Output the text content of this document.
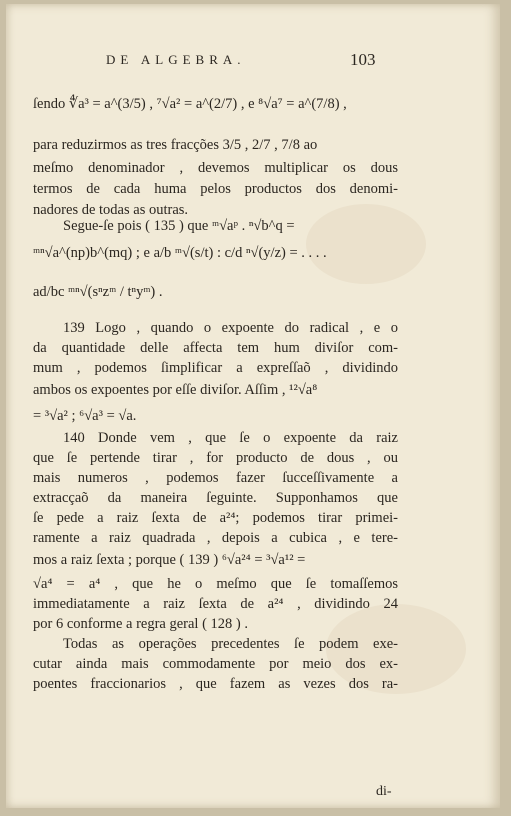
DE ALGEBRA.	103
ſendo ∜a³ = a^(3/5) , ⁷√a² = a^(2/7) , e ⁸√a⁷ = a^(7/8) ,
para reduzirmos as tres fracções 3/5 , 2/7 , 7/8 ao
meſmo denominador , devemos multiplicar os dous
termos de cada huma pelos productos dos denomi-
nadores de todas as outras.
Segue-ſe pois ( 135 ) que ᵐ√aᵖ . ⁿ√b^q =
ᵐⁿ√a^(np)b^(mq) ; e a/b ᵐ√(s/t) : c/d ⁿ√(y/z) = . . . .
ad/bc ᵐⁿ√(sⁿzᵐ / tⁿyᵐ) .
139 Logo , quando o expoente do radical , e o
da quantidade delle affecta tem hum diviſor com-
mum , podemos ſimplificar a expreſſaõ , dividindo
ambos os expoentes por eſſe diviſor. Aſſim , ¹²√a⁸
= ³√a² ; ⁶√a³ = √a.
140 Donde vem , que ſe o expoente da raiz
que ſe pertende tirar , for producto de dous , ou
mais numeros , podemos fazer ſucceſſivamente a
extracçaõ da maneira ſeguinte. Supponhamos que
ſe pede a raiz ſexta de a²⁴; podemos tirar primei-
ramente a raiz quadrada , depois a cubica , e tere-
mos a raiz ſexta ; porque ( 139 ) ⁶√a²⁴ = ³√a¹² =
√a⁴ = a⁴ , que he o meſmo que ſe tomaſſemos
immediatamente a raiz ſexta de a²⁴ , dividindo 24
por 6 conforme a regra geral ( 128 ) .
Todas as operações precedentes ſe podem exe-
cutar ainda mais commodamente por meio dos ex-
poentes fraccionarios , que fazem as vezes dos ra-
di-
